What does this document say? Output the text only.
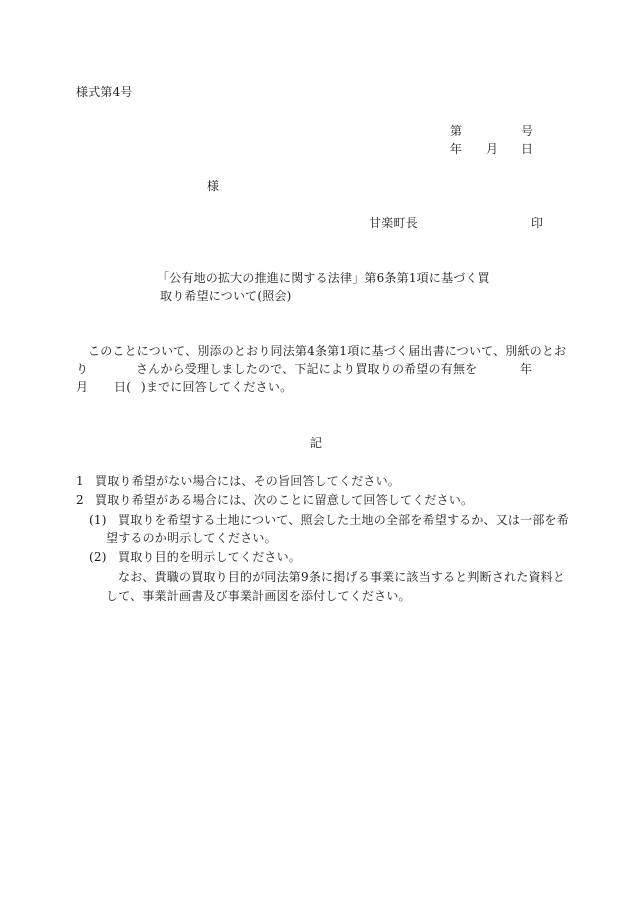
様式第4号
第	号
年 月 日
様
甘楽町長	印
「公有地の拡大の推進に関する法律」第6条第1項に基づく買
取り希望について(照会)
このことについて、別添のとおり同法第4条第1項に基づく届出書について、別紙のとお
り	さんから受理しましたので、下記により買取りの希望の有無を	年
月 日( )までに回答してください。
記
1 買取り希望がない場合には、その旨回答してください。
2 買取り希望がある場合には、次のことに留意して回答してください。
(1) 買取りを希望する土地について、照会した土地の全部を希望するか、又は一部を希
望するのか明示してください。
(2) 買取り目的を明示してください。
なお、貴職の買取り目的が同法第9条に掲げる事業に該当すると判断された資料と
して、事業計画書及び事業計画図を添付してください。
